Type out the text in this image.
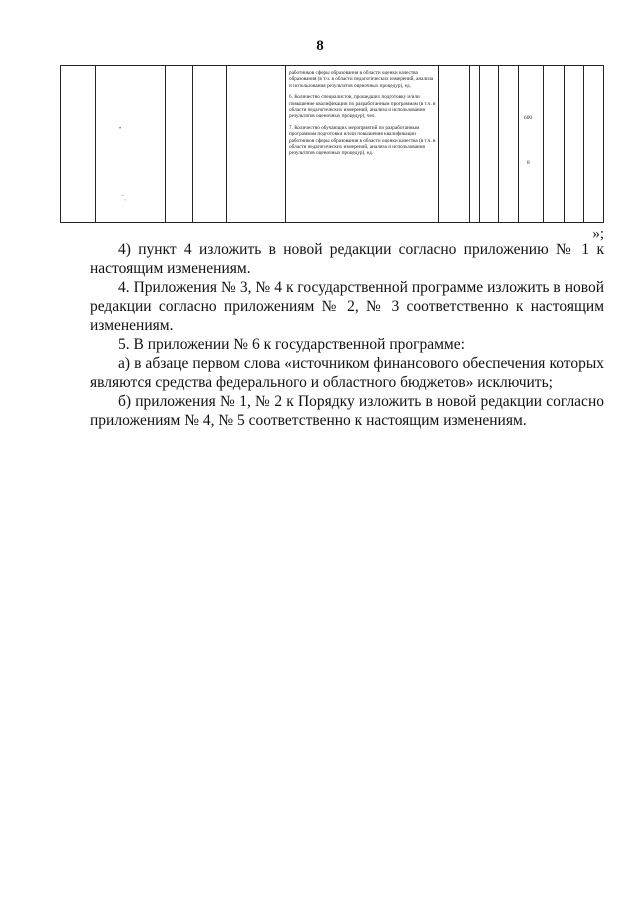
8

работников сферы образования в области оценки качества образования (в т.ч. в области педагогических измерений, анализа и использования результатов оценочных процедур), ед.

6. Количество специалистов, прошедших подготовку и/или повышение квалификации по разработанным программам (в т.ч. в области педагогических измерений, анализа и использования результатов оценочных процедур), чел.

7. Количество обучающих мероприятий по разработанным программам подготовки и/или повышения квалификации работников сферы образования в области оценки качества (в т.ч. в области педагогических измерений, анализа и использования результатов оценочных процедур), ед.

600
8
•
⁻ˎ
»;

4) пункт 4 изложить в новой редакции согласно приложению № 1 к настоящим изменениям.

4. Приложения № 3, № 4 к государственной программе изложить в новой редакции согласно приложениям № 2, № 3 соответственно к настоящим изменениям.

5. В приложении № 6 к государственной программе:

а) в абзаце первом слова «источником финансового обеспечения которых являются средства федерального и областного бюджетов» исключить;

б) приложения № 1, № 2 к Порядку изложить в новой редакции согласно приложениям № 4, № 5 соответственно к настоящим изменениям.
